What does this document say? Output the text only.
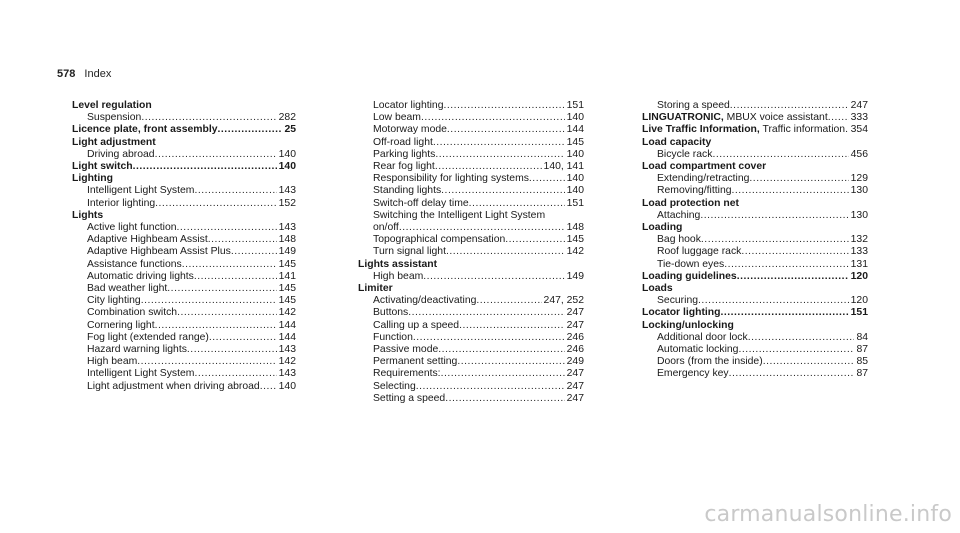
578 Index
Level regulation
Suspension .....	282
Licence plate, front assembly .....	25
Light adjustment
Driving abroad .....	140
Light switch .....	140
Lighting
Intelligent Light System .....	143
Interior lighting .....	152
Lights
Active light function .....	143
Adaptive Highbeam Assist .....	148
Adaptive Highbeam Assist Plus .....	149
Assistance functions .....	145
Automatic driving lights .....	141
Bad weather light .....	145
City lighting .....	145
Combination switch .....	142
Cornering light .....	144
Fog light (extended range) .....	144
Hazard warning lights .....	143
High beam .....	142
Intelligent Light System .....	143
Light adjustment when driving abroad ..... 140
Locator lighting .....	151
Low beam .....	140
Motorway mode .....	144
Off-road light .....	145
Parking lights .....	140
Rear fog light .....	140, 141
Responsibility for lighting systems .....	140
Standing lights .....	140
Switch-off delay time .....	151
Switching the Intelligent Light System
on/off .....	148
Topographical compensation .....	145
Turn signal light .....	142
Lights assistant
High beam .....	149
Limiter
Activating/deactivating .....	247, 252
Buttons .....	247
Calling up a speed .....	247
Function .....	246
Passive mode .....	246
Permanent setting .....	249
Requirements: .....	247
Selecting .....	247
Setting a speed .....	247
Storing a speed .....	247
LINGUATRONIC, MBUX voice assistant ..... 333
Live Traffic Information, Traffic information ..... 354
Load capacity
Bicycle rack .....	456
Load compartment cover
Extending/retracting .....	129
Removing/fitting .....	130
Load protection net
Attaching .....	130
Loading
Bag hook .....	132
Roof luggage rack .....	133
Tie-down eyes .....	131
Loading guidelines .....	120
Loads
Securing .....	120
Locator lighting .....	151
Locking/unlocking
Additional door lock .....	84
Automatic locking .....	87
Doors (from the inside) .....	85
Emergency key .....	87
carmanualsonline.info
